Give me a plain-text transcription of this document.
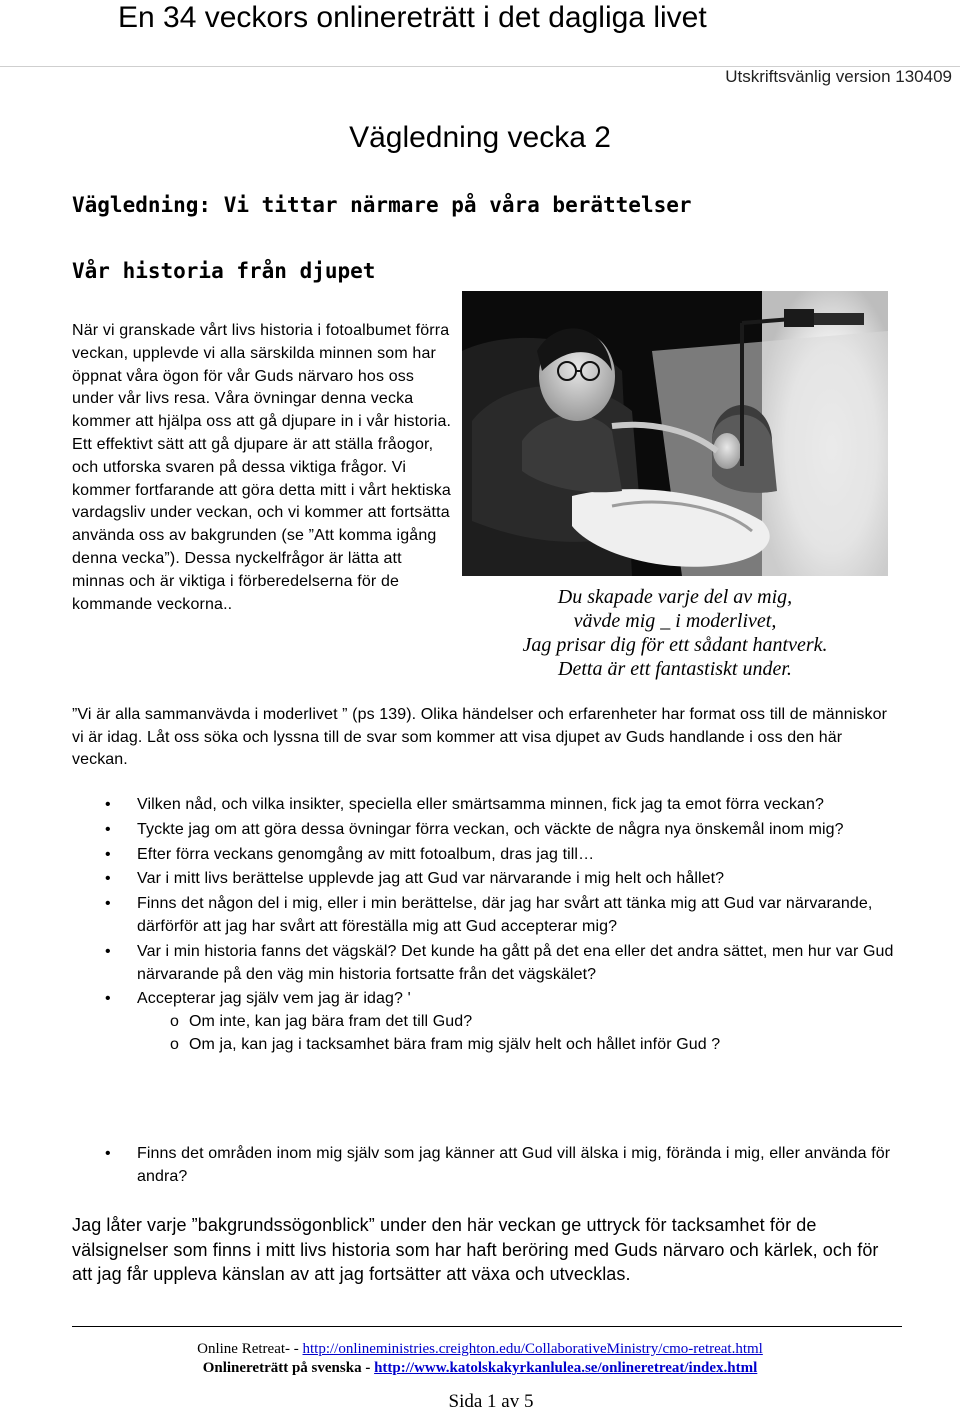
En 34 veckors onlinereträtt i det dagliga livet
Utskriftsvänlig version 130409
Vägledning vecka 2
Vägledning: Vi tittar närmare på våra berättelser
Vår historia från djupet
När vi granskade vårt livs historia i fotoalbumet förra veckan, upplevde vi alla särskilda minnen som har öppnat våra ögon för vår Guds närvaro hos oss under vår livs resa. Våra övningar denna vecka kommer att hjälpa oss att gå djupare in i vår historia. Ett effektivt sätt att gå djupare är att ställa fråogor, och utforska svaren på dessa viktiga frågor. Vi kommer fortfarande att göra detta mitt i vårt hektiska vardagsliv under veckan, och vi kommer att fortsätta använda oss av bakgrunden (se ”Att komma igång denna vecka”). Dessa nyckelfrågor är lätta att minnas och är viktiga i förberedelserna för de kommande veckorna..	Du skapade varje del av mig,
vävde mig _ i moderlivet,
Jag prisar dig för ett sådant hantverk.
Detta är ett fantastiskt under.
”Vi är alla sammanvävda i moderlivet ” (ps 139). Olika händelser och erfarenheter har format oss till de människor vi är idag. Låt oss söka och lyssna till de svar som kommer att visa djupet av Guds handlande i oss den här veckan.
• Vilken nåd, och vilka insikter, speciella eller smärtsamma minnen, fick jag ta emot förra veckan?
• Tyckte jag om att göra dessa övningar förra veckan, och väckte de några nya önskemål inom mig?
• Efter förra veckans genomgång av mitt fotoalbum, dras jag till…
• Var i mitt livs berättelse upplevde jag att Gud var närvarande i mig helt och hållet?
• Finns det någon del i mig, eller i min berättelse, där jag har svårt att tänka mig att Gud var närvarande, därförför att jag har svårt att föreställa mig att Gud accepterar mig?
• Var i min historia fanns det vägskäl? Det kunde ha gått på det ena eller det andra sättet, men hur var Gud närvarande på den väg min historia fortsatte från det vägskälet?
• Accepterar jag själv vem jag är idag? '
o Om inte, kan jag bära fram det till Gud?
o Om ja, kan jag i tacksamhet bära fram mig själv helt och hållet inför Gud ?
• Finns det områden inom mig själv som jag känner att Gud vill älska i mig, förända i mig, eller använda för andra?
Jag låter varje ”bakgrundssögonblick” under den här veckan ge uttryck för tacksamhet för de välsignelser som finns i mitt livs historia som har haft beröring med Guds närvaro och kärlek, och för att jag får uppleva känslan av att jag fortsätter att växa och utvecklas.
Online Retreat- - http://onlineministries.creighton.edu/CollaborativeMinistry/cmo-retreat.html
Onlinereträtt på svenska - http://www.katolskakyrkanlulea.se/onlineretreat/index.html
Sida 1 av 5
